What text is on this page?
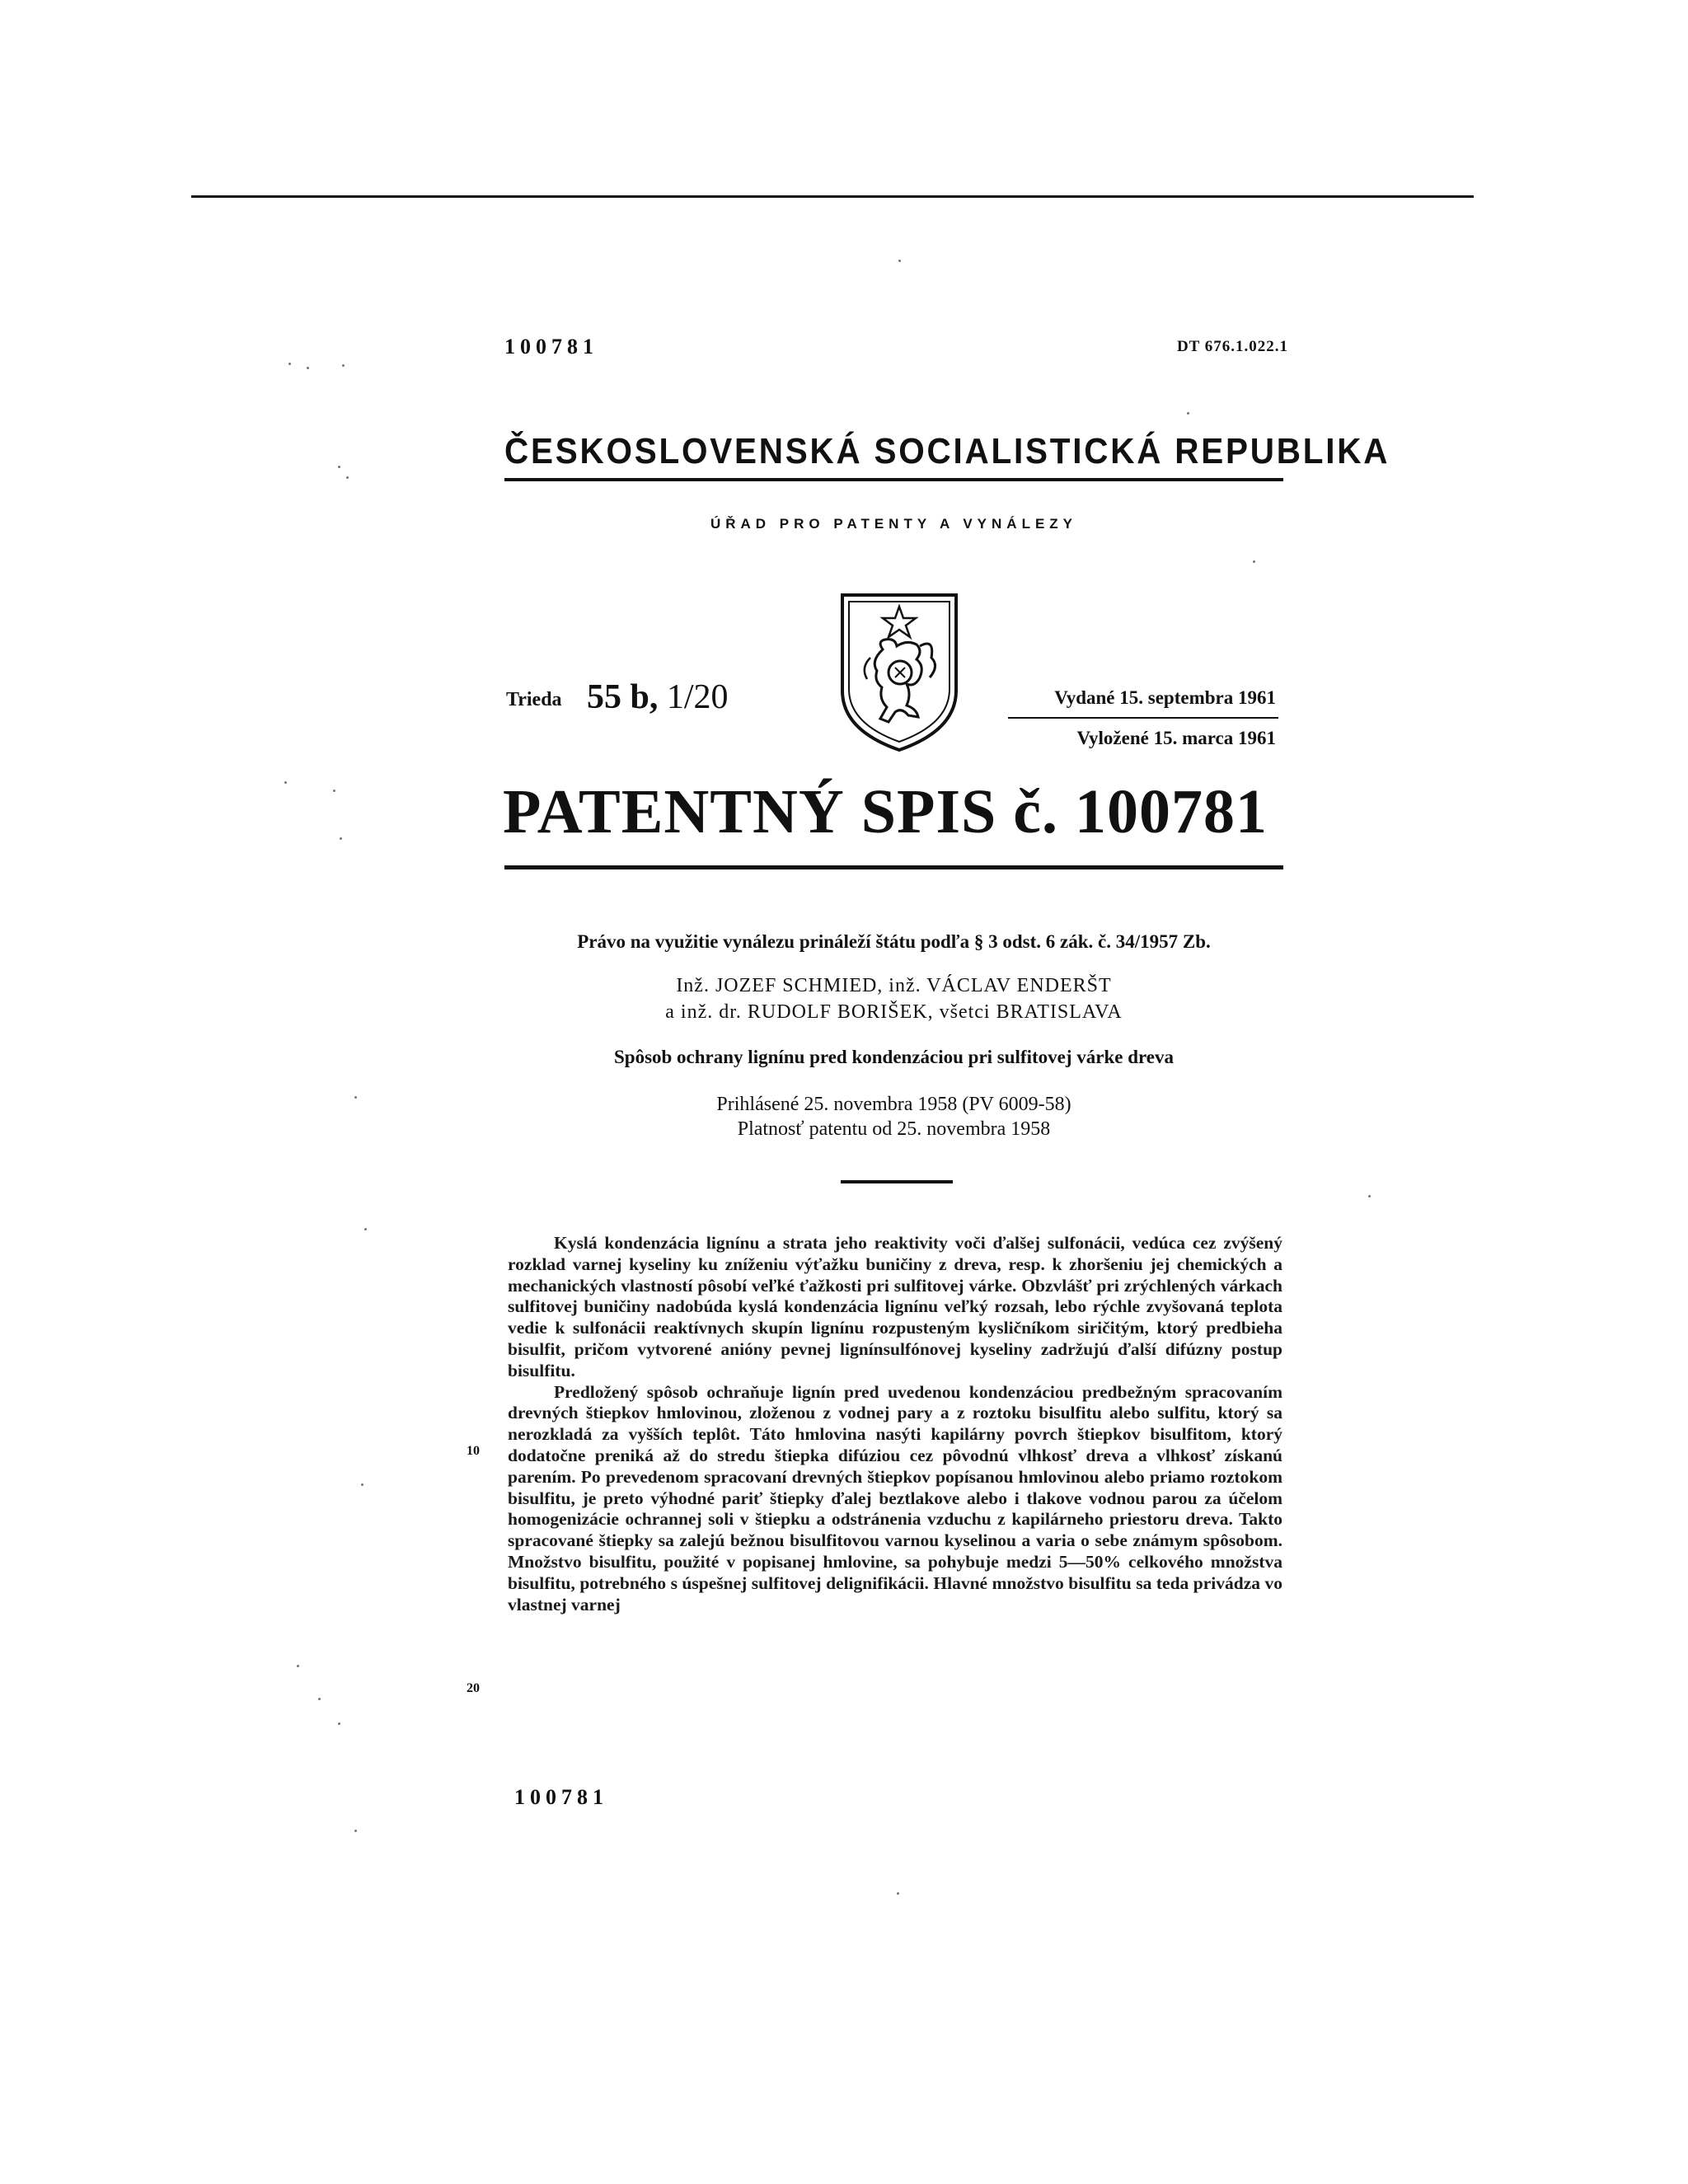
100781	DT 676.1.022.1
ČESKOSLOVENSKÁ SOCIALISTICKÁ REPUBLIKA
ÚŘAD PRO PATENTY A VYNÁLEZY
Trieda 55 b, 1/20	Vydané 15. septembra 1961
Vyložené 15. marca 1961
PATENTNÝ SPIS č. 100781
Právo na využitie vynálezu prináleží štátu podľa § 3 odst. 6 zák. č. 34/1957 Zb.
Inž. JOZEF SCHMIED, inž. VÁCLAV ENDERŠT
a inž. dr. RUDOLF BORIŠEK, všetci BRATISLAVA
Spôsob ochrany lignínu pred kondenzáciou pri sulfitovej várke dreva
Prihlásené 25. novembra 1958 (PV 6009-58)
Platnosť patentu od 25. novembra 1958

Kyslá kondenzácia lignínu a strata jeho reaktivity voči ďalšej sulfonácii, vedúca cez zvýšený rozklad varnej kyseliny ku zníženiu výťažku buničiny z dreva, resp. k zhoršeniu jej chemických a mechanických vlastností pôsobí veľké ťažkosti pri sulfitovej várke. Obzvlášť pri zrýchlených várkach sulfitovej buničiny nadobúda kyslá kondenzácia lignínu veľký rozsah, lebo rýchle zvyšovaná teplota vedie k sulfonácii reaktívnych skupín lignínu rozpusteným kysličníkom siričitým, ktorý predbieha bisulfit, pričom vytvorené anióny pevnej lignínsulfónovej kyseliny zadržujú ďalší difúzny postup bisulfitu.

Predložený spôsob ochraňuje lignín pred uvedenou kondenzáciou predbežným spracovaním drevných štiepkov hmlovinou, zloženou z vodnej pary a z roztoku bisulfitu alebo sulfitu, ktorý sa nerozkladá za vyšších teplôt. Táto hmlovina nasýti kapilárny povrch štiepkov bisulfitom, ktorý dodatočne preniká až do stredu štiepka difúziou cez pôvodnú vlhkosť dreva a vlhkosť získanú parením. Po prevedenom spracovaní drevných štiepkov popísanou hmlovinou alebo priamo roztokom bisulfitu, je preto výhodné pariť štiepky ďalej beztlakove alebo i tlakove vodnou parou za účelom homogenizácie ochrannej soli v štiepku a odstránenia vzduchu z kapilárneho priestoru dreva. Takto spracované štiepky sa zalejú bežnou bisulfitovou varnou kyselinou a varia o sebe známym spôsobom. Množstvo bisulfitu, použité v popisanej hmlovine, sa pohybuje medzi 5—50% celkového množstva bisulfitu, potrebného s úspešnej sulfitovej delignifikácii. Hlavné množstvo bisulfitu sa teda privádza vo vlastnej varnej

10
20
100781
